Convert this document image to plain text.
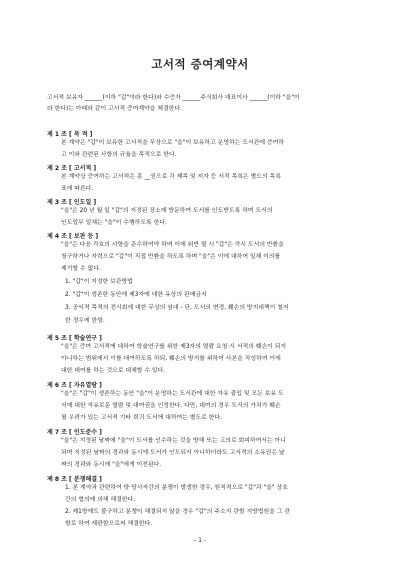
고서적 증여계약서
고서적 보유자 ______(이하 "갑"이라 한다)와 수증자 ______주식회사 대표이사 ______(이하 "을"이
라 한다)는 아래와 같이 고서적 증여계약을 체결한다.
제 1 조 [ 목 적 ]
본 계약은 "갑"이 보유한 고서적을 무상으로 "을"이 보유하고 운영하는 도서관에 증여하
고 이와 관련된 사항의 규율을 목적으로 한다.
제 2 조 [ 고서적 ]
본 계약상 증여하는 고서적은 총 __권으로 각 제목 및 저자 등 서적 목록은 별도의 목록
표에 따른다.
제 3 조 [ 인도일 ]
"을"은 20 년 월 일 "갑"의 지정된 장소에 방문하여 도서를 인도받도록 하며 도서의
인도업무 일체는 "을"이 수행하도록 한다.
제 4 조 [ 보관 등 ]
"을"은 다음 각호의 사항을 준수하여야 하며 이에 위반 될 시 "갑"은 즉시 도서의 반환을
청구하거나 자력으로 "갑"이 직접 반환을 하도록 하며 "을"은 이에 대하여 일체 이의를
제기할 수 없다.
1. "갑"이 지정한 보관방법
2. "갑"이 생존한 동안에 제3자에 대한 유상의 판매금지
3. 공익적 목적의 전시회에 대한 무상의 임대 - 단, 도서의 변경, 훼손의 방지대책이 철저
한 경우에 한함.
제 5 조 [ 학술연구 ]
"을"은 증여 고서적에 대하여 학술연구를 위한 제3자의 열람 요청 시 서적의 훼손이 되지
아니하는 범위에서 이를 대여하도록 하되, 훼손의 방지를 위하여 사본을 작성하여 이에
대한 대여를 하는 것으로 대체할 수 있다.
제 6 조 [ 자유열람 ]
"을"은 "갑"이 생존하는 동안 "을"이 운영하는 도서관에 대한 자유 출입 및 모든 보유 도
서에 대한 자유로운 열람 및 대여권을 인정한다. 다만, 대여의 경우 도서의 가치가 훼손
될 우려가 있는 고서적 기타 희귀 도서에 대하여는 별도로 한다.
제 7 조 [ 인도준수 ]
"을"은 지정된 날짜에 "을"이 도서를 인수하는 것을 방해 또는 고의로 회피하여서는 아니
되며 지정된 날짜의 경과와 동시에 도서가 인도되지 아니하더라도 고서적의 소유권은 날
짜의 경과와 동시에 "을"에게 이전된다.
제 8 조 [ 분쟁해결 ]
1. 본 계약과 관련하여 양 당사자간의 분쟁이 발생한 경우, 원칙적으로 "갑"과 "을" 상호
간의 협의에 의해 해결한다.
2. 제1항에도 불구하고 분쟁이 해결되지 않을 경우 "갑"의 주소지 관할 지방법원을 그 관
할로 하여 재판함으로써 해결한다.
- 1 -
